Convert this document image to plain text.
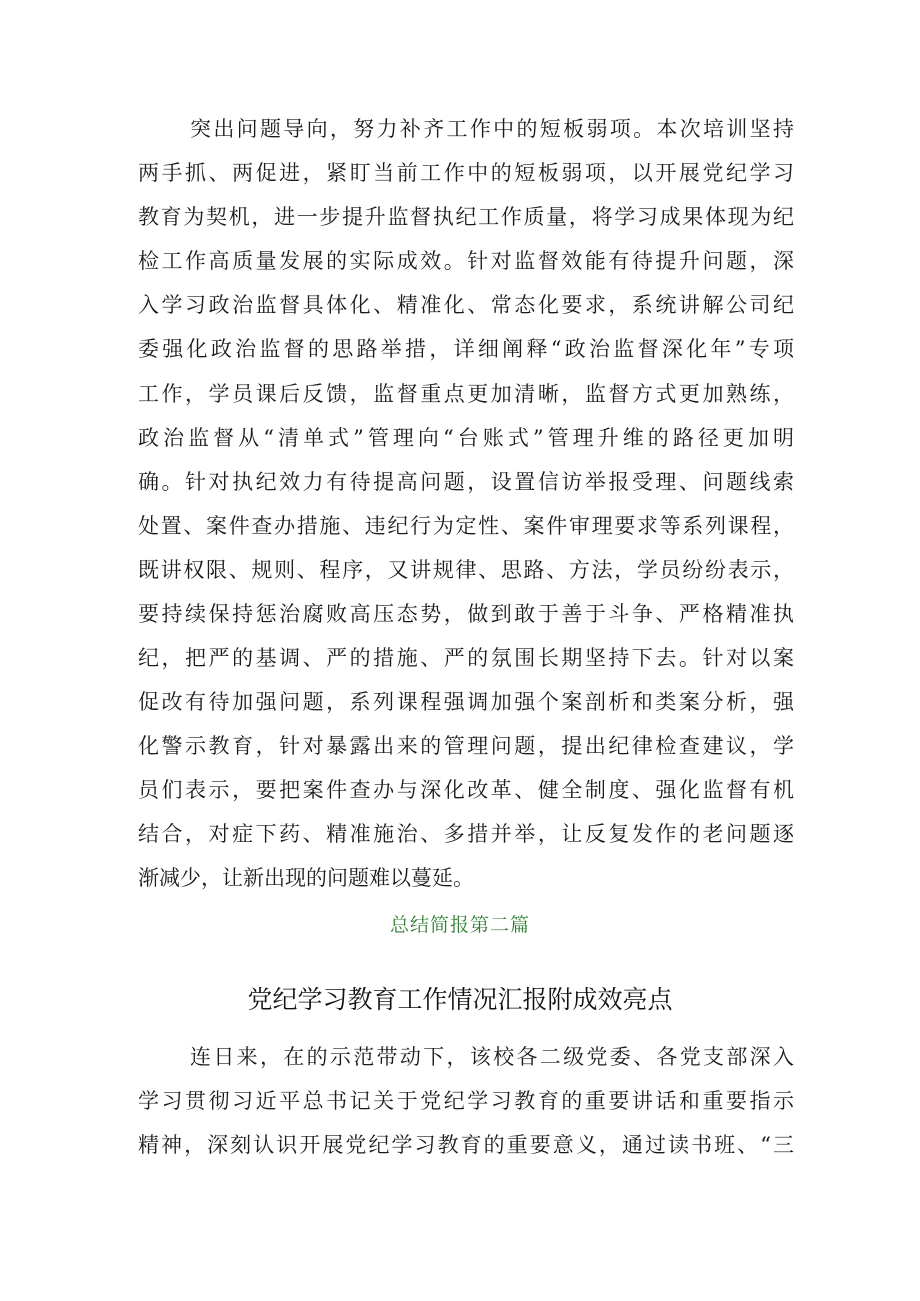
突出问题导向，努力补齐工作中的短板弱项。本次培训坚持
两手抓、两促进，紧盯当前工作中的短板弱项，以开展党纪学习
教育为契机，进一步提升监督执纪工作质量，将学习成果体现为纪
检工作高质量发展的实际成效。针对监督效能有待提升问题，深
入学习政治监督具体化、精准化、常态化要求，系统讲解公司纪
委强化政治监督的思路举措，详细阐释“政治监督深化年”专项
工作，学员课后反馈，监督重点更加清晰，监督方式更加熟练，
政治监督从“清单式”管理向“台账式”管理升维的路径更加明
确。针对执纪效力有待提高问题，设置信访举报受理、问题线索
处置、案件查办措施、违纪行为定性、案件审理要求等系列课程，
既讲权限、规则、程序，又讲规律、思路、方法，学员纷纷表示，
要持续保持惩治腐败高压态势，做到敢于善于斗争、严格精准执
纪，把严的基调、严的措施、严的氛围长期坚持下去。针对以案
促改有待加强问题，系列课程强调加强个案剖析和类案分析，强
化警示教育，针对暴露出来的管理问题，提出纪律检查建议，学
员们表示，要把案件查办与深化改革、健全制度、强化监督有机
结合，对症下药、精准施治、多措并举，让反复发作的老问题逐
渐减少，让新出现的问题难以蔓延。
总结简报第二篇
党纪学习教育工作情况汇报附成效亮点
连日来，在的示范带动下，该校各二级党委、各党支部深入
学习贯彻习近平总书记关于党纪学习教育的重要讲话和重要指示
精神，深刻认识开展党纪学习教育的重要意义，通过读书班、“三
